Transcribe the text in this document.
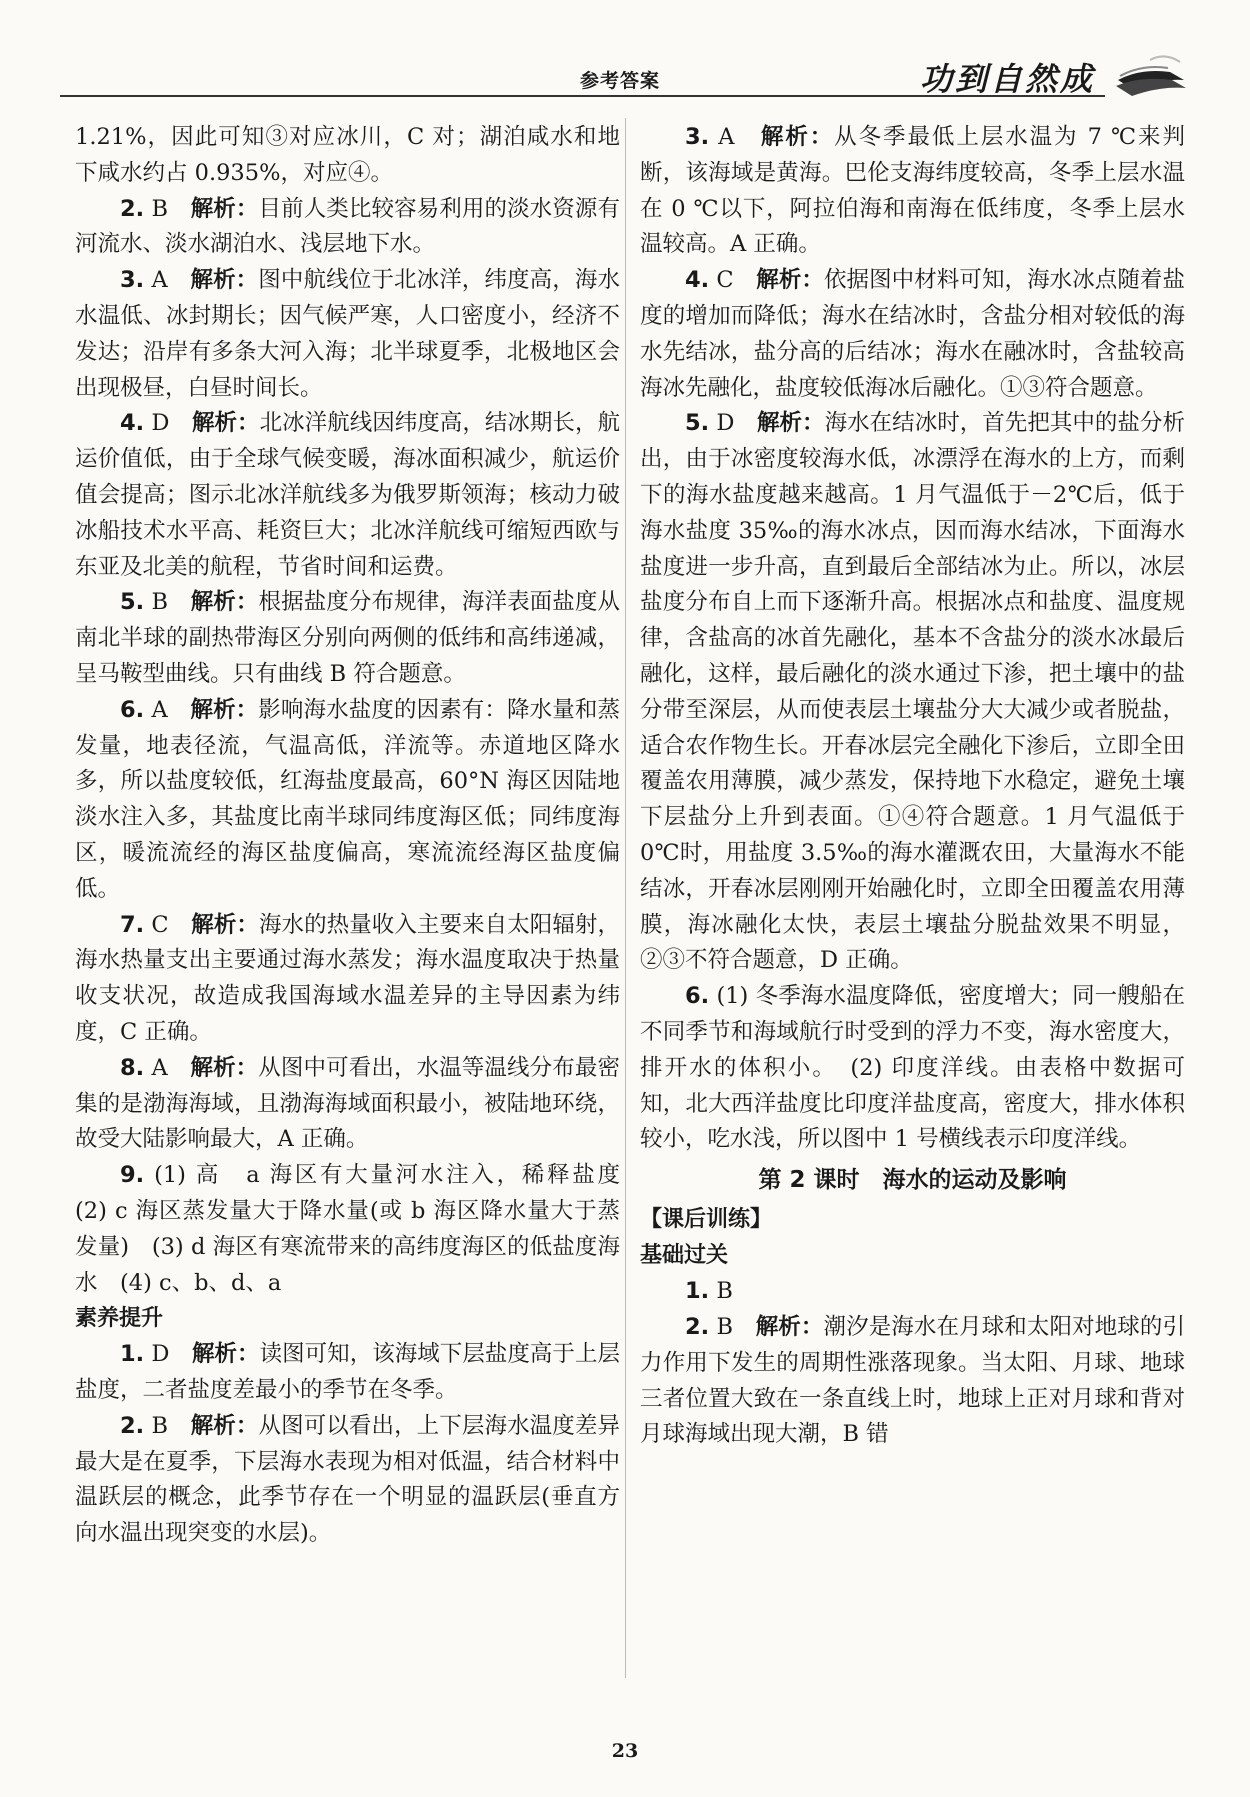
参考答案	功到自然成
1.21%，因此可知③对应冰川，C 对；湖泊咸水和地下咸水约占 0.935%，对应④。
2. B　 解析：目前人类比较容易利用的淡水资源有河流水、淡水湖泊水、浅层地下水。
3. A　 解析：图中航线位于北冰洋，纬度高，海水水温低、冰封期长；因气候严寒，人口密度小，经济不发达；沿岸有多条大河入海；北半球夏季，北极地区会出现极昼，白昼时间长。
4. D　 解析：北冰洋航线因纬度高，结冰期长，航运价值低，由于全球气候变暖，海冰面积减少，航运价值会提高；图示北冰洋航线多为俄罗斯领海；核动力破冰船技术水平高、耗资巨大；北冰洋航线可缩短西欧与东亚及北美的航程，节省时间和运费。
5. B　 解析：根据盐度分布规律，海洋表面盐度从南北半球的副热带海区分别向两侧的低纬和高纬递减，呈马鞍型曲线。只有曲线 B 符合题意。
6. A　 解析：影响海水盐度的因素有：降水量和蒸发量，地表径流，气温高低，洋流等。赤道地区降水多，所以盐度较低，红海盐度最高，60°N 海区因陆地淡水注入多，其盐度比南半球同纬度海区低；同纬度海区，暖流流经的海区盐度偏高，寒流流经海区盐度偏低。
7. C　 解析：海水的热量收入主要来自太阳辐射，海水热量支出主要通过海水蒸发；海水温度取决于热量收支状况，故造成我国海域水温差异的主导因素为纬度，C 正确。
8. A　 解析：从图中可看出，水温等温线分布最密集的是渤海海域，且渤海海域面积最小，被陆地环绕，故受大陆影响最大，A 正确。
9. (1) 高　a 海区有大量河水注入，稀释盐度　(2) c 海区蒸发量大于降水量(或 b 海区降水量大于蒸发量)　(3) d 海区有寒流带来的高纬度海区的低盐度海水　(4) c、b、d、a
素养提升
1. D　 解析：读图可知，该海域下层盐度高于上层盐度，二者盐度差最小的季节在冬季。
2. B　 解析：从图可以看出，上下层海水温度差异最大是在夏季，下层海水表现为相对低温，结合材料中温跃层的概念，此季节存在一个明显的温跃层(垂直方向水温出现突变的水层)。
3. A　 解析：从冬季最低上层水温为 7 ℃来判断，该海域是黄海。巴伦支海纬度较高，冬季上层水温在 0 ℃以下，阿拉伯海和南海在低纬度，冬季上层水温较高。A 正确。
4. C　 解析：依据图中材料可知，海水冰点随着盐度的增加而降低；海水在结冰时，含盐分相对较低的海水先结冰，盐分高的后结冰；海水在融冰时，含盐较高海冰先融化，盐度较低海冰后融化。①③符合题意。
5. D　 解析：海水在结冰时，首先把其中的盐分析出，由于冰密度较海水低，冰漂浮在海水的上方，而剩下的海水盐度越来越高。1 月气温低于－2℃后，低于海水盐度 35‰的海水冰点，因而海水结冰，下面海水盐度进一步升高，直到最后全部结冰为止。所以，冰层盐度分布自上而下逐渐升高。根据冰点和盐度、温度规律，含盐高的冰首先融化，基本不含盐分的淡水冰最后融化，这样，最后融化的淡水通过下渗，把土壤中的盐分带至深层，从而使表层土壤盐分大大减少或者脱盐，适合农作物生长。开春冰层完全融化下渗后，立即全田覆盖农用薄膜，减少蒸发，保持地下水稳定，避免土壤下层盐分上升到表面。①④符合题意。1 月气温低于 0℃时，用盐度 3.5‰的海水灌溉农田，大量海水不能结冰，开春冰层刚刚开始融化时，立即全田覆盖农用薄膜，海冰融化太快，表层土壤盐分脱盐效果不明显，②③不符合题意，D 正确。
6. (1) 冬季海水温度降低，密度增大；同一艘船在不同季节和海域航行时受到的浮力不变，海水密度大，排开水的体积小。　(2) 印度洋线。由表格中数据可知，北大西洋盐度比印度洋盐度高，密度大，排水体积较小，吃水浅，所以图中 1 号横线表示印度洋线。
第 2 课时　海水的运动及影响
【课后训练】
基础过关
1. B
2. B　 解析：潮汐是海水在月球和太阳对地球的引力作用下发生的周期性涨落现象。当太阳、月球、地球三者位置大致在一条直线上时，地球上正对月球和背对月球海域出现大潮，B 错
23
